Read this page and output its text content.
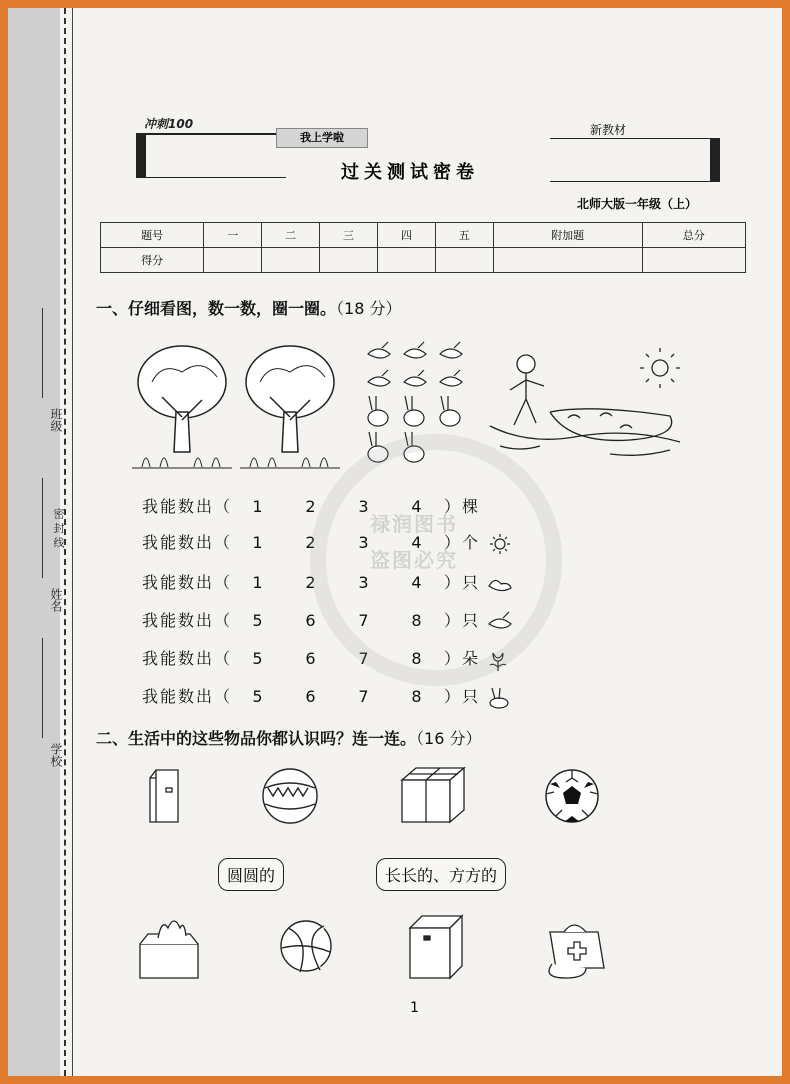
班级
姓名
密 封 线
学校
冲刺100
我上学啦
过关测试密卷
新教材
北师大版一年级（上）
题号	一	二	三	四	五	附加题	总分
得分							
一、仔细看图，数一数，圈一圈。（18 分）
我能数出（ 1	2	3	4 ）棵
我能数出（ 1	2	3	4 ）个
我能数出（ 1	2	3	4 ）只
我能数出（ 5	6	7	8 ）只
我能数出（ 5	6	7	8 ）朵
我能数出（ 5	6	7	8 ）只
二、生活中的这些物品你都认识吗？连一连。（16 分）
圆圆的	长长的、方方的
禄润图书
盗图必究
1
